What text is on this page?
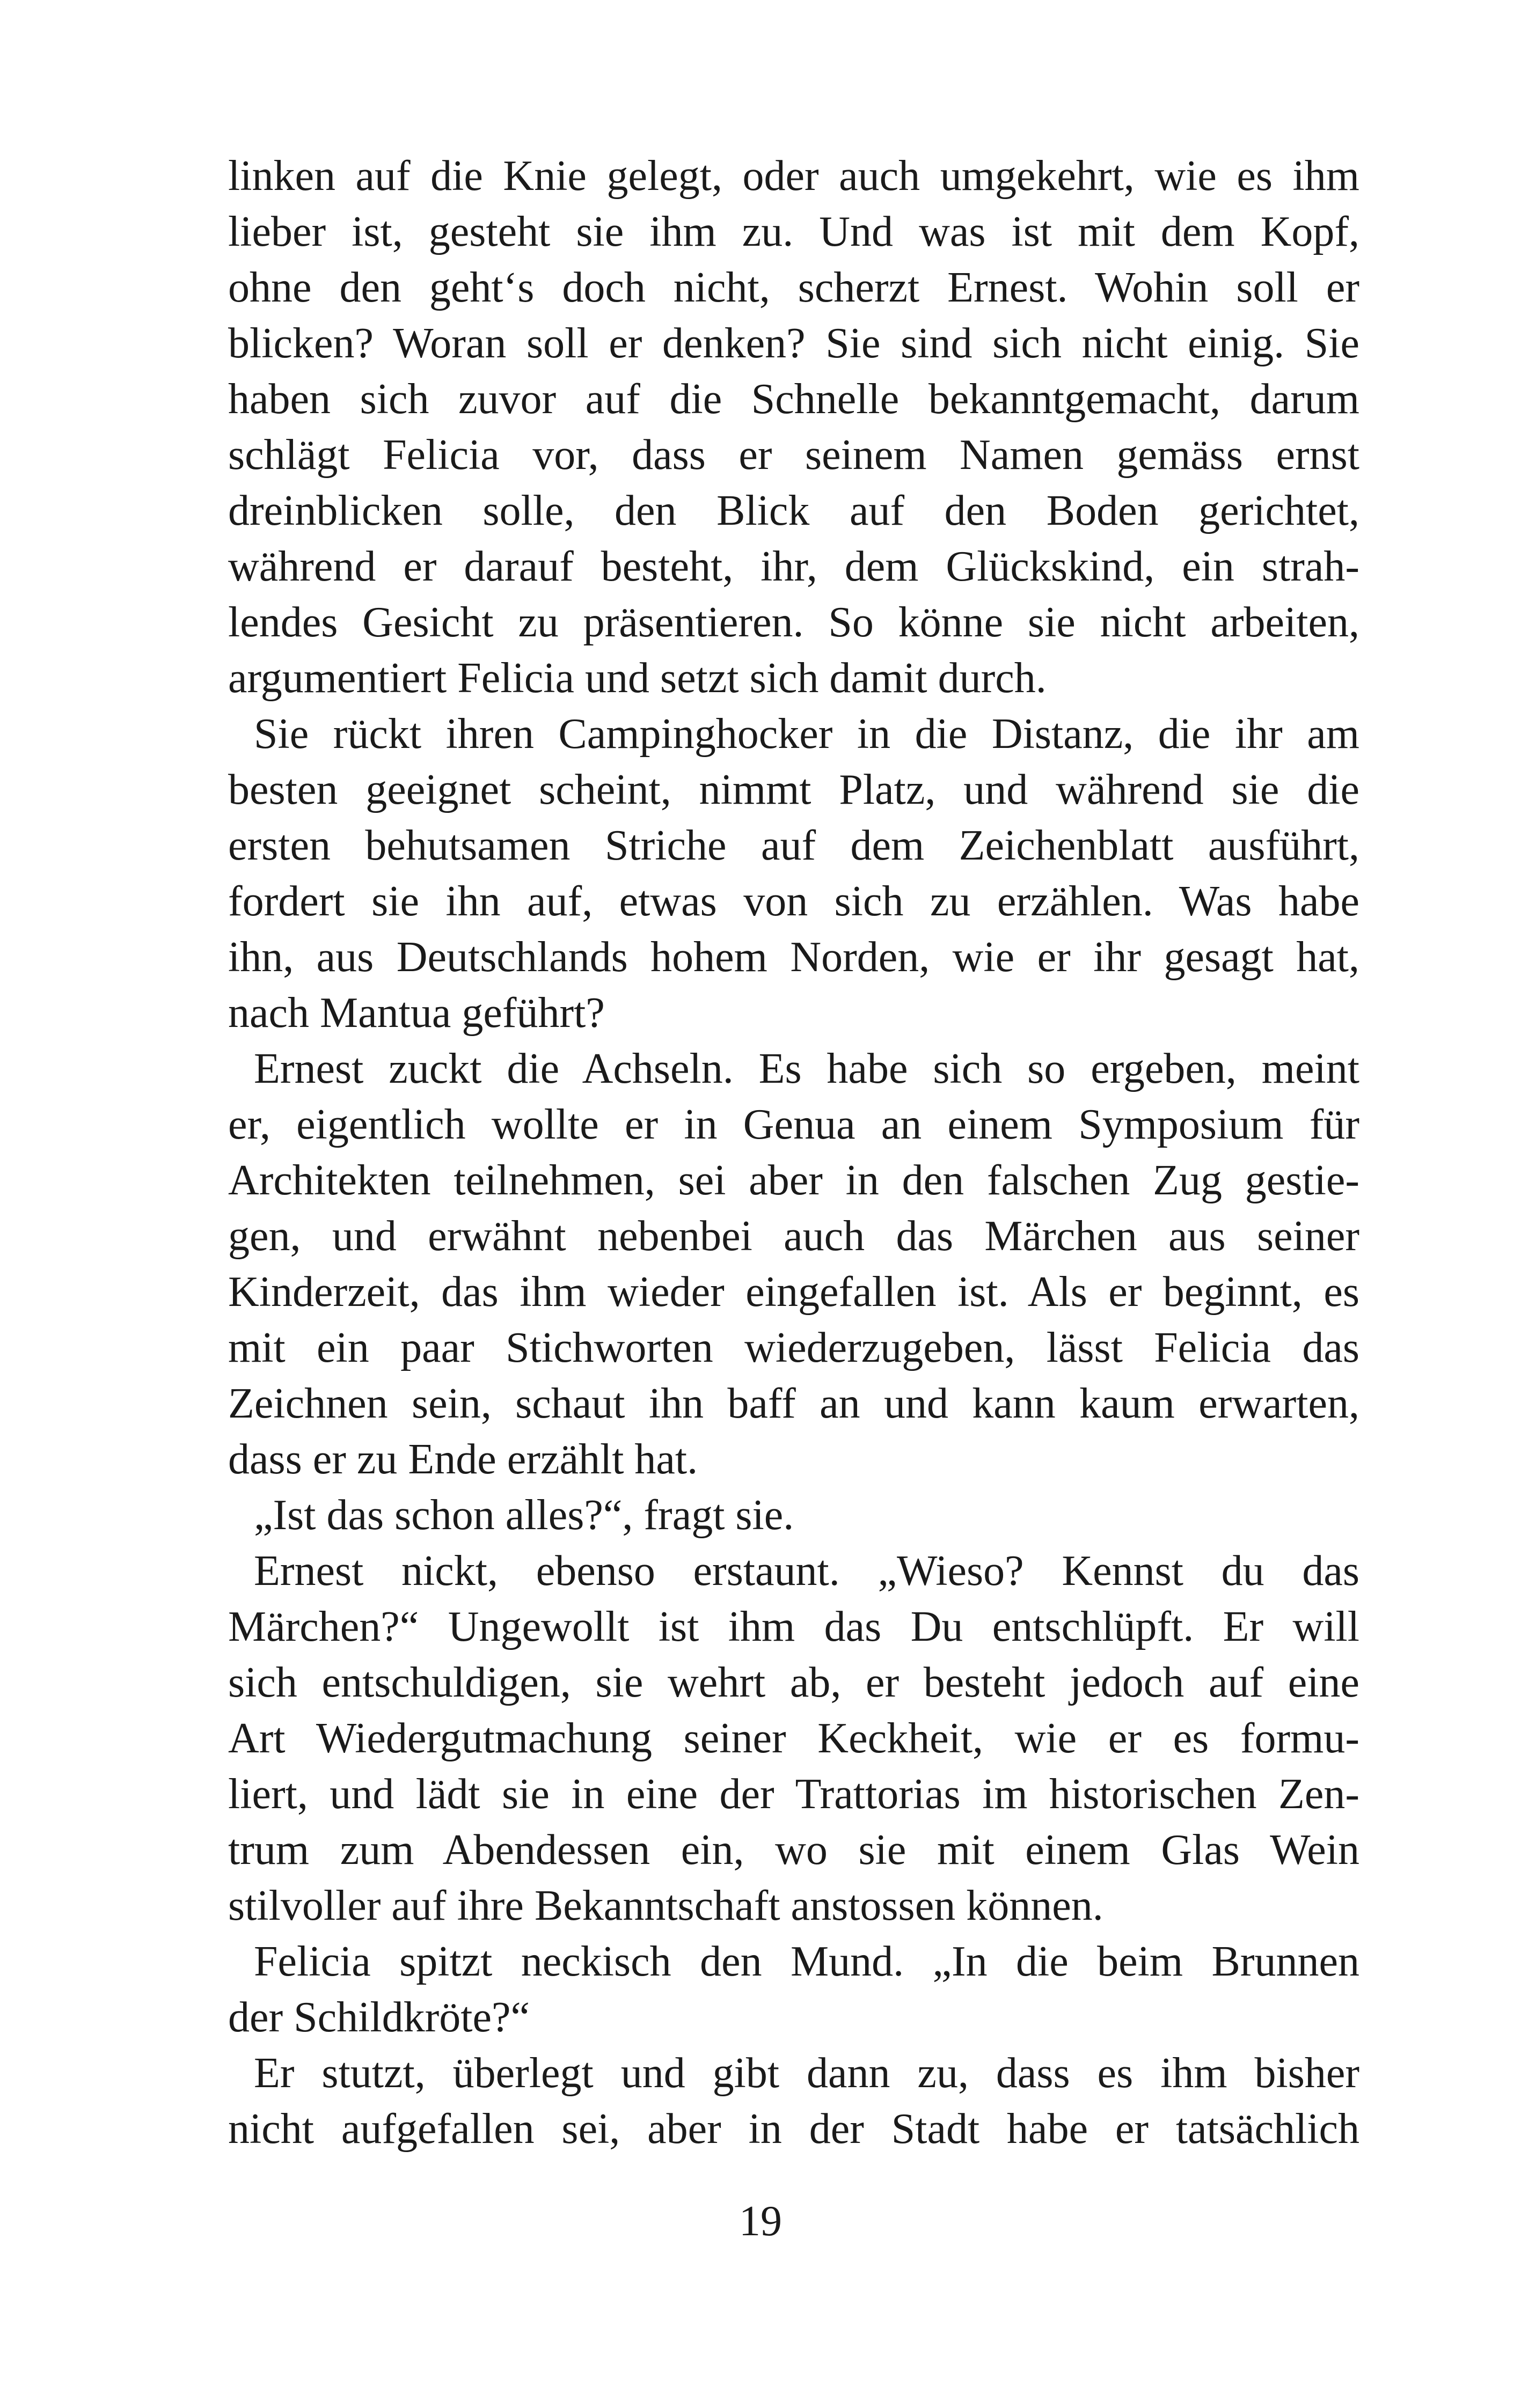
linken auf die Knie gelegt, oder auch umgekehrt, wie es ihm
lieber ist, gesteht sie ihm zu. Und was ist mit dem Kopf,
ohne den geht‘s doch nicht, scherzt Ernest. Wohin soll er
blicken? Woran soll er denken? Sie sind sich nicht einig. Sie
haben sich zuvor auf die Schnelle bekanntgemacht, darum
schlägt Felicia vor, dass er seinem Namen gemäss ernst
dreinblicken solle, den Blick auf den Boden gerichtet,
während er darauf besteht, ihr, dem Glückskind, ein strah-
lendes Gesicht zu präsentieren. So könne sie nicht arbeiten,
argumentiert Felicia und setzt sich damit durch.
Sie rückt ihren Campinghocker in die Distanz, die ihr am
besten geeignet scheint, nimmt Platz, und während sie die
ersten behutsamen Striche auf dem Zeichenblatt ausführt,
fordert sie ihn auf, etwas von sich zu erzählen. Was habe
ihn, aus Deutschlands hohem Norden, wie er ihr gesagt hat,
nach Mantua geführt?
Ernest zuckt die Achseln. Es habe sich so ergeben, meint
er, eigentlich wollte er in Genua an einem Symposium für
Architekten teilnehmen, sei aber in den falschen Zug gestie-
gen, und erwähnt nebenbei auch das Märchen aus seiner
Kinderzeit, das ihm wieder eingefallen ist. Als er beginnt, es
mit ein paar Stichworten wiederzugeben, lässt Felicia das
Zeichnen sein, schaut ihn baff an und kann kaum erwarten,
dass er zu Ende erzählt hat.
„Ist das schon alles?“, fragt sie.
Ernest nickt, ebenso erstaunt. „Wieso? Kennst du das
Märchen?“ Ungewollt ist ihm das Du entschlüpft. Er will
sich entschuldigen, sie wehrt ab, er besteht jedoch auf eine
Art Wiedergutmachung seiner Keckheit, wie er es formu-
liert, und lädt sie in eine der Trattorias im historischen Zen-
trum zum Abendessen ein, wo sie mit einem Glas Wein
stilvoller auf ihre Bekanntschaft anstossen können.
Felicia spitzt neckisch den Mund. „In die beim Brunnen
der Schildkröte?“
Er stutzt, überlegt und gibt dann zu, dass es ihm bisher
nicht aufgefallen sei, aber in der Stadt habe er tatsächlich
19
